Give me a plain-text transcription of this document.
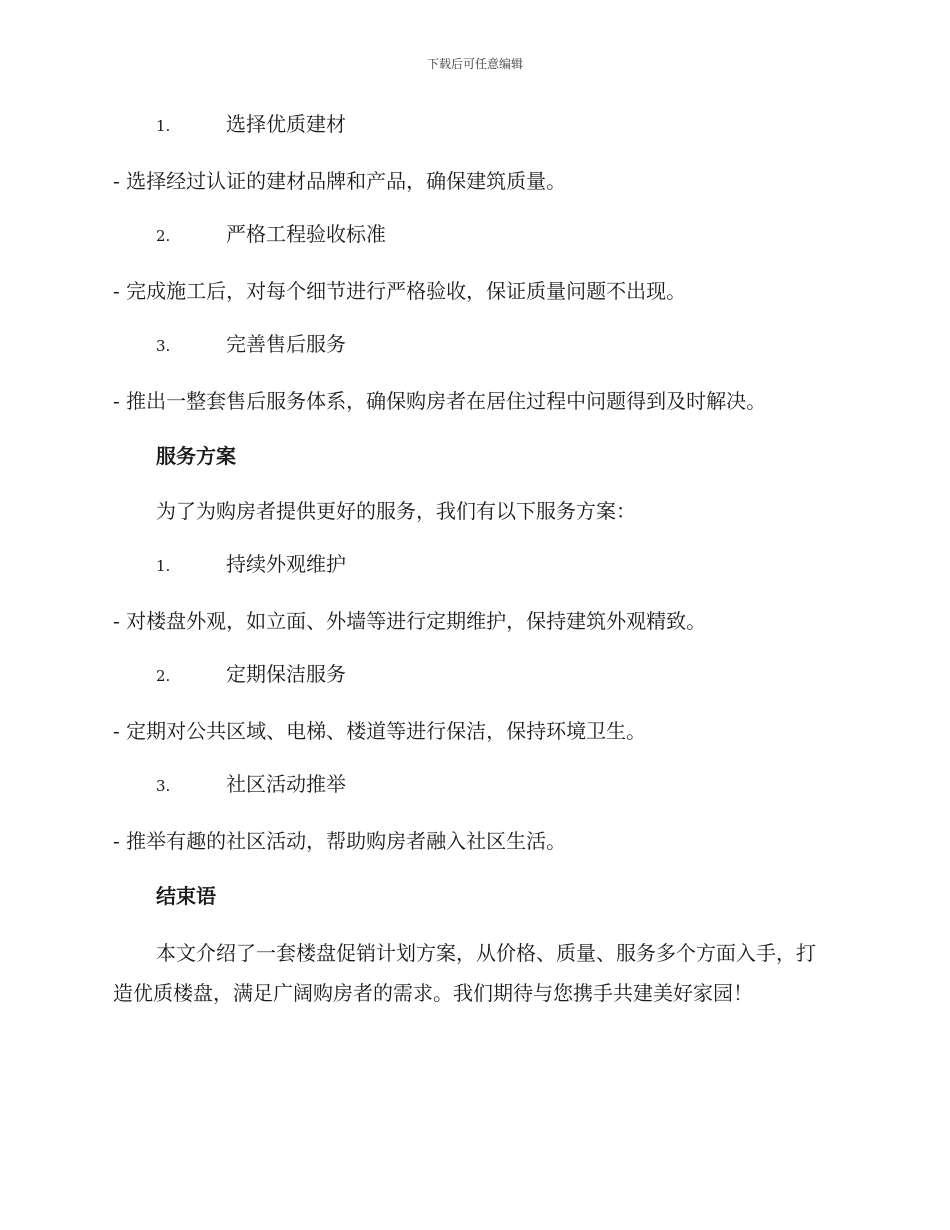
下载后可任意编辑
1.	选择优质建材
- 选择经过认证的建材品牌和产品，确保建筑质量。
2.	严格工程验收标准
- 完成施工后，对每个细节进行严格验收，保证质量问题不出现。
3.	完善售后服务
- 推出一整套售后服务体系，确保购房者在居住过程中问题得到及时解决。
服务方案
为了为购房者提供更好的服务，我们有以下服务方案：
1.	持续外观维护
- 对楼盘外观，如立面、外墙等进行定期维护，保持建筑外观精致。
2.	定期保洁服务
- 定期对公共区域、电梯、楼道等进行保洁，保持环境卫生。
3.	社区活动推举
- 推举有趣的社区活动，帮助购房者融入社区生活。
结束语
本文介绍了一套楼盘促销计划方案，从价格、质量、服务多个方面入手，打造优质楼盘，满足广阔购房者的需求。我们期待与您携手共建美好家园！
